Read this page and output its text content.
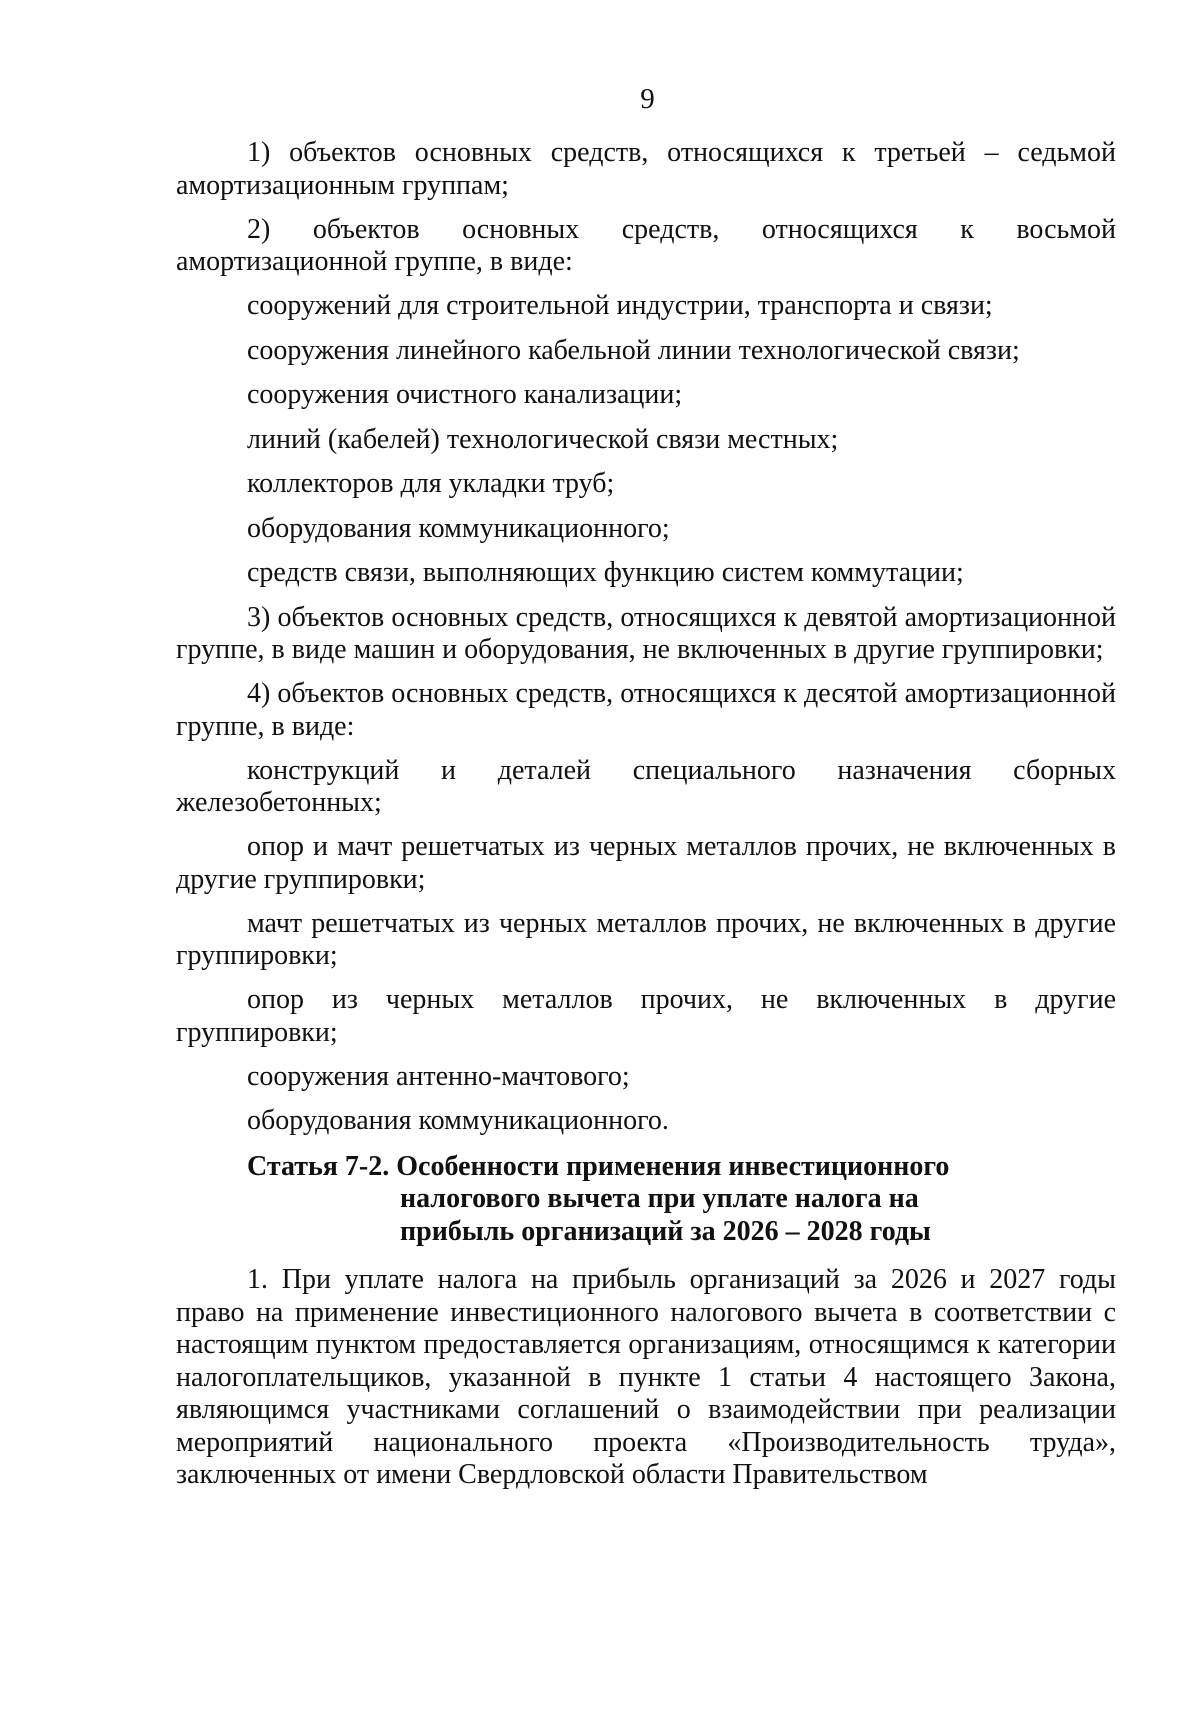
9

1) объектов основных средств, относящихся к третьей – седьмой амортизационным группам;

2) объектов основных средств, относящихся к восьмой амортизационной группе, в виде:

сооружений для строительной индустрии, транспорта и связи;

сооружения линейного кабельной линии технологической связи;

сооружения очистного канализации;

линий (кабелей) технологической связи местных;

коллекторов для укладки труб;

оборудования коммуникационного;

средств связи, выполняющих функцию систем коммутации;

3) объектов основных средств, относящихся к девятой амортизационной группе, в виде машин и оборудования, не включенных в другие группировки;

4) объектов основных средств, относящихся к десятой амортизационной группе, в виде:

конструкций и деталей специального назначения сборных железобетонных;

опор и мачт решетчатых из черных металлов прочих, не включенных в другие группировки;

мачт решетчатых из черных металлов прочих, не включенных в другие группировки;

опор из черных металлов прочих, не включенных в другие группировки;

сооружения антенно-мачтового;

оборудования коммуникационного.

Статья 7-2. Особенности применения инвестиционного
налогового вычета при уплате налога на
прибыль организаций за 2026 – 2028 годы

1. При уплате налога на прибыль организаций за 2026 и 2027 годы право на применение инвестиционного налогового вычета в соответствии с настоящим пунктом предоставляется организациям, относящимся к категории налогоплательщиков, указанной в пункте 1 статьи 4 настоящего Закона, являющимся участниками соглашений о взаимодействии при реализации мероприятий национального проекта «Производительность труда», заключенных от имени Свердловской области Правительством
